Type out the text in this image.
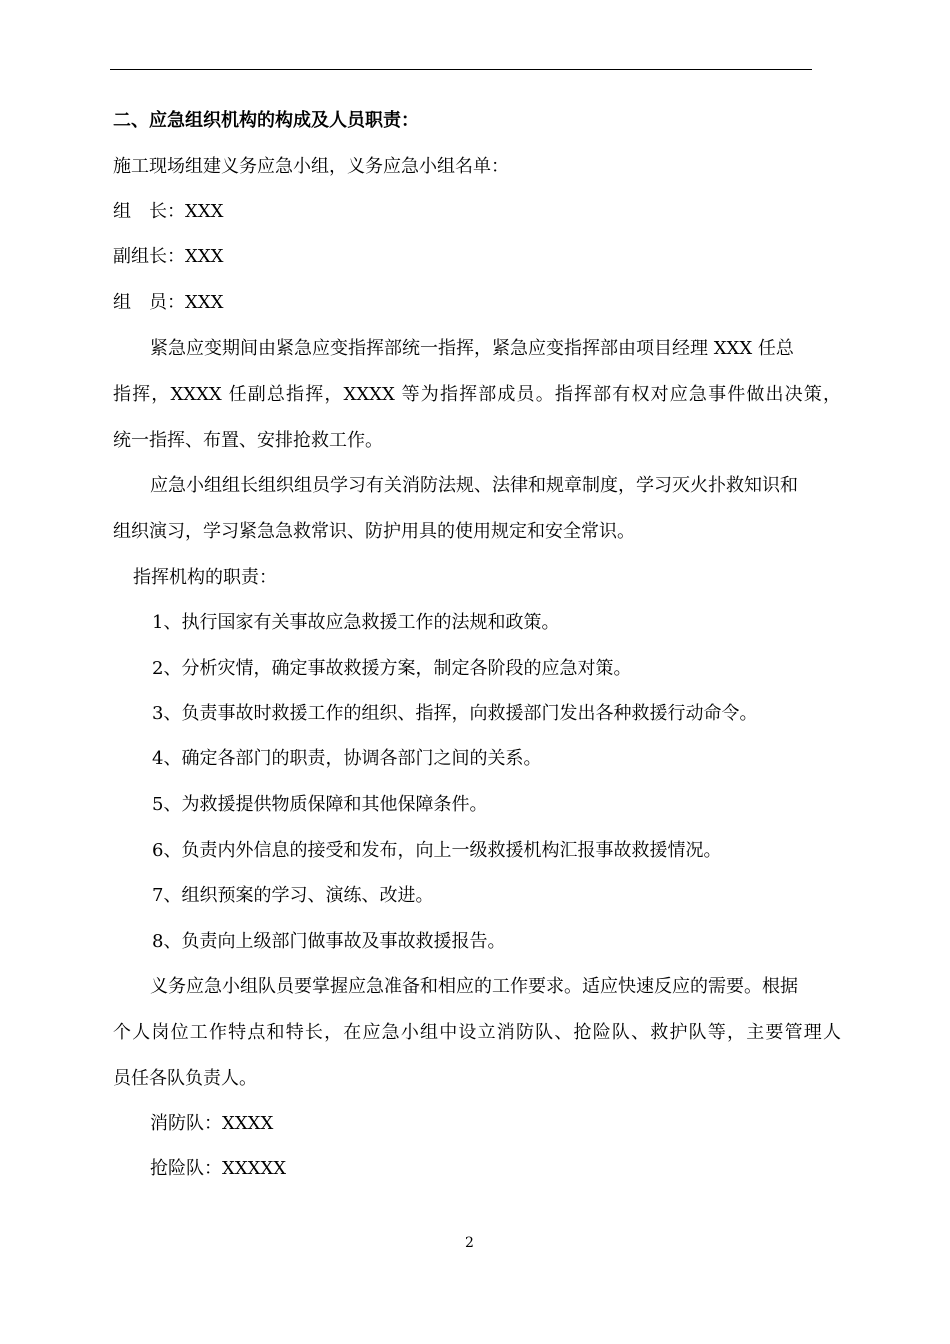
二、应急组织机构的构成及人员职责：
施工现场组建义务应急小组，义务应急小组名单：
组　长：XXX
副组长：XXX
组　员：XXX
紧急应变期间由紧急应变指挥部统一指挥，紧急应变指挥部由项目经理 XXX 任总
指挥，XXXX 任副总指挥，XXXX 等为指挥部成员。指挥部有权对应急事件做出决策，
统一指挥、布置、安排抢救工作。
应急小组组长组织组员学习有关消防法规、法律和规章制度，学习灭火扑救知识和
组织演习，学习紧急急救常识、防护用具的使用规定和安全常识。
指挥机构的职责：
1、执行国家有关事故应急救援工作的法规和政策。
2、分析灾情，确定事故救援方案，制定各阶段的应急对策。
3、负责事故时救援工作的组织、指挥，向救援部门发出各种救援行动命令。
4、确定各部门的职责，协调各部门之间的关系。
5、为救援提供物质保障和其他保障条件。
6、负责内外信息的接受和发布，向上一级救援机构汇报事故救援情况。
7、组织预案的学习、演练、改进。
8、负责向上级部门做事故及事故救援报告。
义务应急小组队员要掌握应急准备和相应的工作要求。适应快速反应的需要。根据
个人岗位工作特点和特长，在应急小组中设立消防队、抢险队、救护队等，主要管理人
员任各队负责人。
消防队：XXXX
抢险队：XXXXX
2
